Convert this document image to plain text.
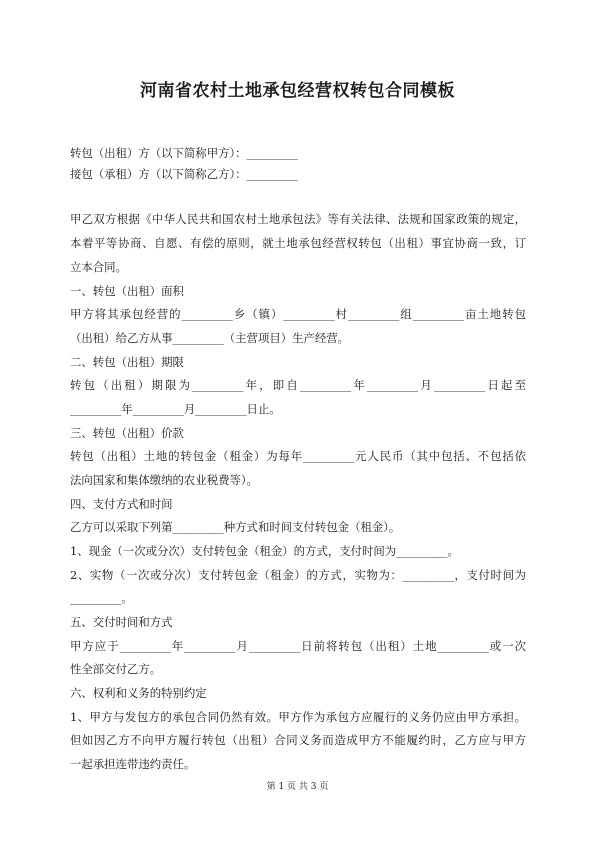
河南省农村土地承包经营权转包合同模板
转包（出租）方（以下简称甲方）：_________
接包（承租）方（以下简称乙方）：_________
甲乙双方根据《中华人民共和国农村土地承包法》等有关法律、法规和国家政策的规定，
本着平等协商、自愿、有偿的原则，就土地承包经营权转包（出租）事宜协商一致，订
立本合同。
一、转包（出租）面积
甲方将其承包经营的_________乡（镇）_________村_________组_________亩土地转包
（出租）给乙方从事_________（主营项目）生产经营。
二、转包（出租）期限
转包（出租）期限为_________年，即自_________年_________月_________日起至
_________年_________月_________日止。
三、转包（出租）价款
转包（出租）土地的转包金（租金）为每年_________元人民币（其中包括、不包括依
法向国家和集体缴纳的农业税费等）。
四、支付方式和时间
乙方可以采取下列第_________种方式和时间支付转包金（租金）。
1、现金（一次或分次）支付转包金（租金）的方式，支付时间为_________。
2、实物（一次或分次）支付转包金（租金）的方式，实物为：_________，支付时间为
_________。
五、交付时间和方式
甲方应于_________年_________月_________日前将转包（出租）土地_________或一次
性全部交付乙方。
六、权利和义务的特别约定
1、甲方与发包方的承包合同仍然有效。甲方作为承包方应履行的义务仍应由甲方承担。
但如因乙方不向甲方履行转包（出租）合同义务而造成甲方不能履约时，乙方应与甲方
一起承担连带违约责任。
第 1 页 共 3 页
